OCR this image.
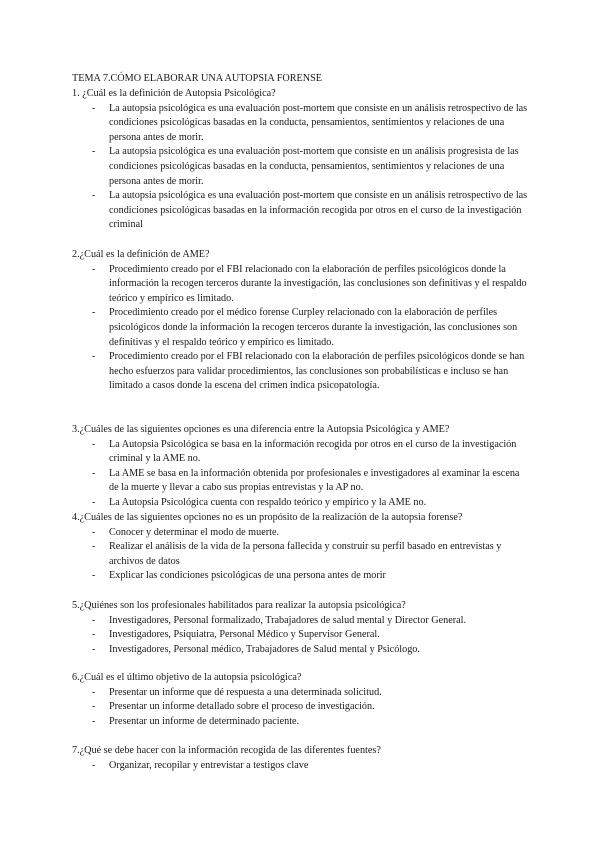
TEMA 7.CÓMO ELABORAR UNA AUTOPSIA FORENSE
1. ¿Cuál es la definición de Autopsia Psicológica?
- La autopsia psicológica es una evaluación post-mortem que consiste en un análisis retrospectivo de las condiciones psicológicas basadas en la conducta, pensamientos, sentimientos y relaciones de una persona antes de morir.
- La autopsia psicológica es una evaluación post-mortem que consiste en un análisis progresista de las condiciones psicológicas basadas en la conducta, pensamientos, sentimientos y relaciones de una persona antes de morir.
- La autopsia psicológica es una evaluación post-mortem que consiste en un análisis retrospectivo de las condiciones psicológicas basadas en la información recogida por otros en el curso de la investigación criminal
2.¿Cuál es la definición de AME?
- Procedimiento creado por el FBI relacionado con la elaboración de perfiles psicológicos donde la información la recogen terceros durante la investigación, las conclusiones son definitivas y el respaldo teórico y empírico es limitado.
- Procedimiento creado por el médico forense Curpley relacionado con la elaboración de perfiles psicológicos donde la información la recogen terceros durante la investigación, las conclusiones son definitivas y el respaldo teórico y empírico es limitado.
- Procedimiento creado por el FBI relacionado con la elaboración de perfiles psicológicos donde se han hecho esfuerzos para validar procedimientos, las conclusiones son probabilísticas e incluso se han limitado a casos donde la escena del crimen indica psicopatología.
3.¿Cuáles de las siguientes opciones es una diferencia entre la Autopsia Psicológica y AME?
- La Autopsia Psicológica se basa en la información recogida por otros en el curso de la investigación criminal y la AME no.
- La AME se basa en la información obtenida por profesionales e investigadores al examinar la escena de la muerte y llevar a cabo sus propias entrevistas y la AP no.
- La Autopsia Psicológica cuenta con respaldo teórico y empírico y la AME no.
4.¿Cuáles de las siguientes opciones no es un propósito de la realización de la autopsia forense?
- Conocer y determinar el modo de muerte.
- Realizar el análisis de la vida de la persona fallecida y construir su perfil basado en entrevistas y archivos de datos
- Explicar las condiciones psicológicas de una persona antes de morir
5.¿Quiénes son los profesionales habilitados para realizar la autopsia psicológica?
- Investigadores, Personal formalizado, Trabajadores de salud mental y Director General.
- Investigadores, Psiquiatra, Personal Médico y Supervisor General.
- Investigadores, Personal médico, Trabajadores de Salud mental y Psicólogo.
6.¿Cuál es el último objetivo de la autopsia psicológica?
- Presentar un informe que dé respuesta a una determinada solicitud.
- Presentar un informe detallado sobre el proceso de investigación.
- Presentar un informe de determinado paciente.
7.¿Qué se debe hacer con la información recogida de las diferentes fuentes?
- Organizar, recopilar y entrevistar a testigos clave
